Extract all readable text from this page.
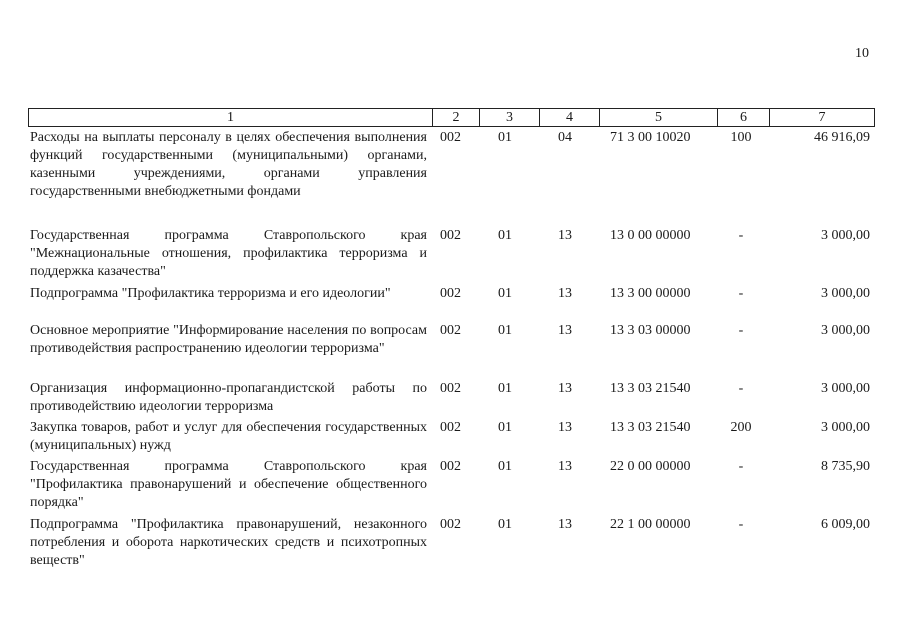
10
1	2	3	4	5	6	7
Расходы на выплаты персоналу в целях обеспечения выполнения функций государственными (муниципальными) органами, казенными учреждениями, органами управления государственными внебюджетными фондами
002	01	04	71 3 00 10020	100	46 916,09
Государственная программа Ставропольского края "Межнациональные отношения, профилактика терроризма и поддержка казачества"
002	01	13	13 0 00 00000	-	3 000,00
Подпрограмма "Профилактика терроризма и его идеологии"	002	01	13	13 3 00 00000	-	3 000,00
Основное мероприятие "Информирование населения по вопросам противодействия распространению идеологии терроризма"
002	01	13	13 3 03 00000	-	3 000,00
Организация информационно-пропагандистской работы по противодействию идеологии терроризма
002	01	13	13 3 03 21540	-	3 000,00
Закупка товаров, работ и услуг для обеспечения государственных (муниципальных) нужд
002	01	13	13 3 03 21540	200	3 000,00
Государственная программа Ставропольского края "Профилактика правонарушений и обеспечение общественного порядка"
002	01	13	22 0 00 00000	-	8 735,90
Подпрограмма "Профилактика правонарушений, незаконного потребления и оборота наркотических средств и психотропных веществ"
002	01	13	22 1 00 00000	-	6 009,00
